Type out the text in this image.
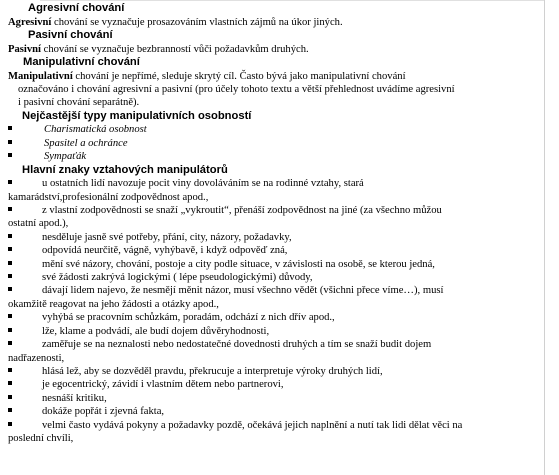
Agresivní chování

Agresivní chování se vyznačuje prosazováním vlastních zájmů na úkor jiných.

Pasivní chování

Pasivní chování se vyznačuje bezbranností vůči požadavkům druhých.

Manipulativní chování

Manipulativní chování je nepřímé, sleduje skrytý cíl. Často bývá jako manipulativní chování

označováno i chování agresivní a pasivní (pro účely tohoto textu a větší přehlednost uvádíme agresivní

i pasivní chování separátně).

Nejčastější typy manipulativních osobností

Charismatická osobnost
Spasitel a ochránce
Sympaťák

Hlavní znaky vztahových manipulátorů

u ostatních lidí navozuje pocit viny dovoláváním se na rodinné vztahy, stará
kamarádství,profesionální zodpovědnost apod.,
z vlastní zodpovědnosti se snaží „vykroutit“, přenáší zodpovědnost na jiné (za všechno můžou
ostatní apod.),
nesděluje jasně své potřeby, přání, city, názory, požadavky,
odpovídá neurčitě, vágně, vyhýbavě, i když odpověď zná,
mění své názory, chování, postoje a city podle situace, v závislosti na osobě, se kterou jedná,
své žádosti zakrývá logickými ( lépe pseudologickými) důvody,
dávají lidem najevo, že nesmějí měnit názor, musí všechno vědět (všichni přece víme…), musí
okamžitě reagovat na jeho žádosti a otázky apod.,
vyhýbá se pracovním schůzkám, poradám, odchází z nich dřív apod.,
lže, klame a podvádí, ale budí dojem důvěryhodnosti,
zaměřuje se na neznalosti nebo nedostatečné dovednosti druhých a tím se snaží budit dojem
nadřazenosti,
hlásá lež, aby se dozvěděl pravdu, překrucuje a interpretuje výroky druhých lidí,
je egocentrický, závidí i vlastním dětem nebo partnerovi,
nesnáší kritiku,
dokáže popřát i zjevná fakta,
velmi často vydává pokyny a požadavky pozdě, očekává jejich naplnění a nutí tak lidi dělat věci na
poslední chvíli,
